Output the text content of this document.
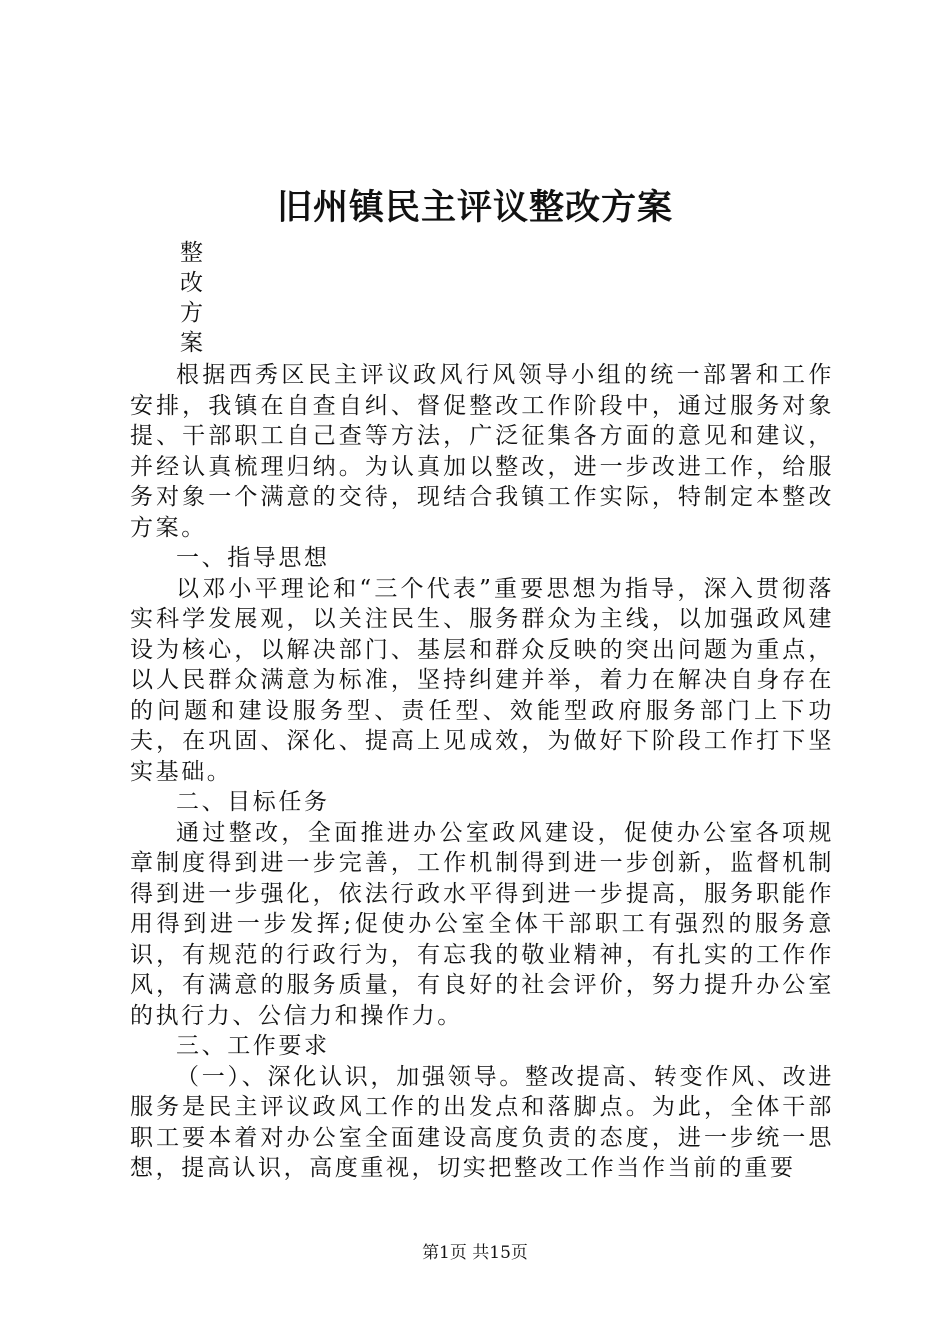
旧州镇民主评议整改方案
整
改
方
案

根据西秀区民主评议政风行风领导小组的统一部署和工作安排，我镇在自查自纠、督促整改工作阶段中，通过服务对象提、干部职工自己查等方法，广泛征集各方面的意见和建议，并经认真梳理归纳。为认真加以整改，进一步改进工作，给服务对象一个满意的交待，现结合我镇工作实际，特制定本整改方案。

一、指导思想

以邓小平理论和“三个代表”重要思想为指导，深入贯彻落实科学发展观，以关注民生、服务群众为主线，以加强政风建设为核心，以解决部门、基层和群众反映的突出问题为重点，以人民群众满意为标准，坚持纠建并举，着力在解决自身存在的问题和建设服务型、责任型、效能型政府服务部门上下功夫，在巩固、深化、提高上见成效，为做好下阶段工作打下坚实基础。

二、目标任务

通过整改，全面推进办公室政风建设，促使办公室各项规章制度得到进一步完善，工作机制得到进一步创新，监督机制得到进一步强化，依法行政水平得到进一步提高，服务职能作用得到进一步发挥;促使办公室全体干部职工有强烈的服务意识，有规范的行政行为，有忘我的敬业精神，有扎实的工作作风，有满意的服务质量，有良好的社会评价，努力提升办公室的执行力、公信力和操作力。

三、工作要求

（一）、深化认识，加强领导。整改提高、转变作风、改进服务是民主评议政风工作的出发点和落脚点。为此，全体干部职工要本着对办公室全面建设高度负责的态度，进一步统一思想，提高认识，高度重视，切实把整改工作当作当前的重要

第1页 共15页
